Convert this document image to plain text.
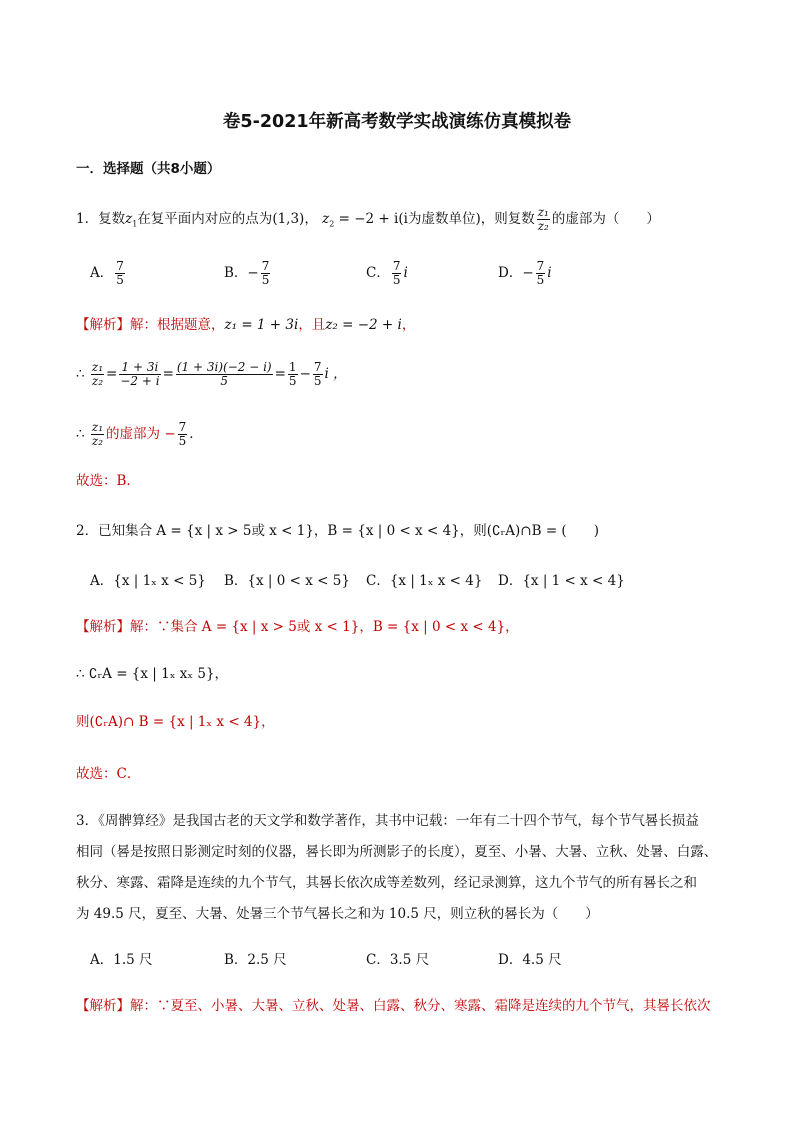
卷5-2021年新高考数学实战演练仿真模拟卷
一．选择题（共8小题）
1．复数$z_1$在复平面内对应的点为(1,3)， $z_2 = -2 + i(i$为虚数单位)，则复数 $\frac{\text{z₁}}{\text{z₂}}$ 的虚部为（　　）
A． $\frac{7}{5}$	B．− $\frac{7}{5}$	C． $\frac{7}{5}$ i	D．− $\frac{7}{5}$ i
【解析】解：根据题意，z₁ = 1 + 3i，且z₂ = −2 + i，
∴ $\frac{\text{z₁}}{\text{z₂}} = \frac{1 + 3i}{-2 + i} = \frac{(1 + 3i)(-2 - i)}{5} = \frac{1}{5} - \frac{7}{5}$ i ，
∴ $\frac{\text{z₁}}{\text{z₂}}$ 的虚部为 − $\frac{7}{5}$ ．
故选：B．
2．已知集合 A = {x | x > 5或 x < 1}，B = {x | 0 < x < 4}，则(∁ᵣA)∩B = (　　)
A．{x | 1ₓ x < 5} B．{x | 0 < x < 5} C．{x | 1ₓ x < 4} D．{x | 1 < x < 4}
【解析】解：∵集合 A = {x | x > 5或 x < 1}，B = {x | 0 < x < 4}，
∴ ∁ᵣA = {x | 1ₓ xₓ 5}，
则(∁ᵣA)∩ B = {x | 1ₓ x < 4}，
故选：C．
3．《周髀算经》是我国古老的天文学和数学著作，其书中记载：一年有二十四个节气，每个节气晷长损益
相同（晷是按照日影测定时刻的仪器，晷长即为所测影子的长度），夏至、小暑、大暑、立秋、处暑、白露、
秋分、寒露、霜降是连续的九个节气，其晷长依次成等差数列，经记录测算，这九个节气的所有晷长之和
为 49.5 尺，夏至、大暑、处暑三个节气晷长之和为 10.5 尺，则立秋的晷长为（　　）
A．1.5 尺	B．2.5 尺	C．3.5 尺	D．4.5 尺
【解析】解：∵夏至、小暑、大暑、立秋、处暑、白露、秋分、寒露、霜降是连续的九个节气，其晷长依次
